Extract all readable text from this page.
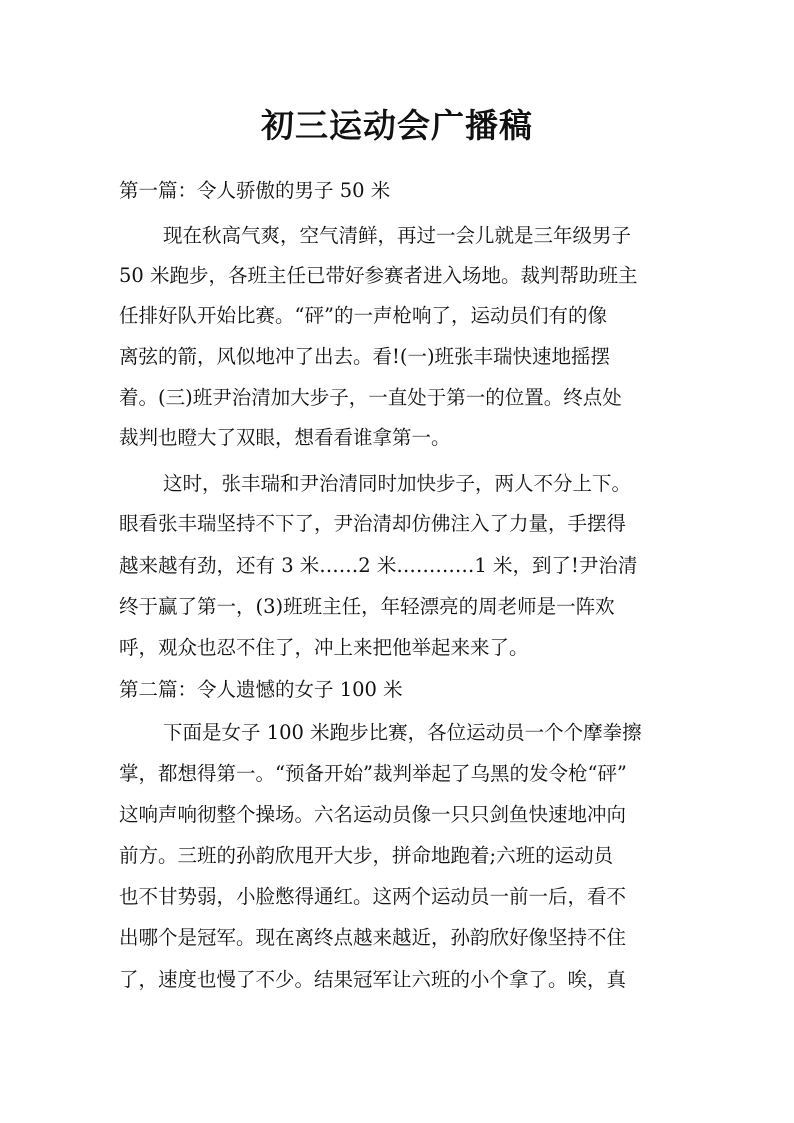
初三运动会广播稿

第一篇：令人骄傲的男子 50 米

现在秋高气爽，空气清鲜，再过一会儿就是三年级男子

50 米跑步，各班主任已带好参赛者进入场地。裁判帮助班主

任排好队开始比赛。“砰”的一声枪响了，运动员们有的像

离弦的箭，风似地冲了出去。看!(一)班张丰瑞快速地摇摆

着。(三)班尹治清加大步子，一直处于第一的位置。终点处

裁判也瞪大了双眼，想看看谁拿第一。

这时，张丰瑞和尹治清同时加快步子，两人不分上下。

眼看张丰瑞坚持不下了，尹治清却仿佛注入了力量，手摆得

越来越有劲，还有 3 米……2 米…………1 米，到了!尹治清

终于赢了第一，(3)班班主任，年轻漂亮的周老师是一阵欢

呼，观众也忍不住了，冲上来把他举起来来了。

第二篇：令人遗憾的女子 100 米

下面是女子 100 米跑步比赛，各位运动员一个个摩拳擦

掌，都想得第一。“预备开始”裁判举起了乌黑的发令枪“砰”

这响声响彻整个操场。六名运动员像一只只剑鱼快速地冲向

前方。三班的孙韵欣甩开大步，拼命地跑着;六班的运动员

也不甘势弱，小脸憋得通红。这两个运动员一前一后，看不

出哪个是冠军。现在离终点越来越近，孙韵欣好像坚持不住

了，速度也慢了不少。结果冠军让六班的小个拿了。唉，真
